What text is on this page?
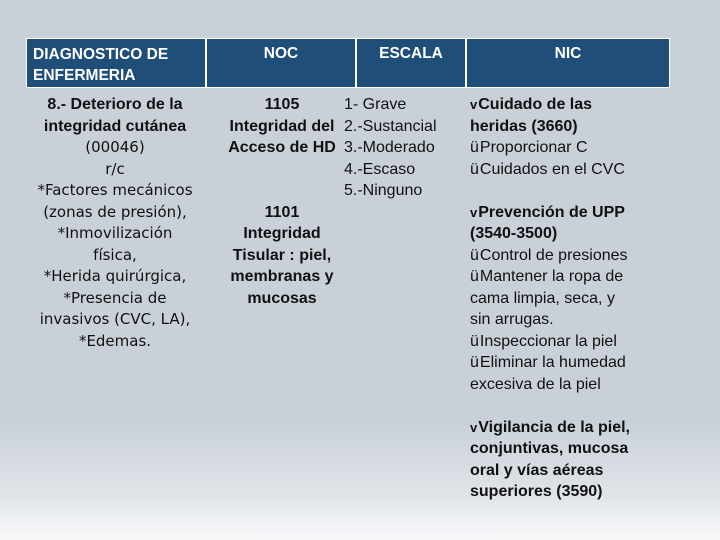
DIAGNOSTICO DE
ENFERMERIA
NOC	ESCALA	NIC
8.- Deterioro de la
integridad cutánea
(00046)
r/c
*Factores mecánicos
(zonas de presión),
*Inmovilización
física,
*Herida quirúrgica,
*Presencia de
invasivos (CVC, LA),
*Edemas.
1105
Integridad del
Acceso de HD
1101
Integridad
Tisular : piel,
membranas y
mucosas
1- Grave
2.-Sustancial
3.-Moderado
4.-Escaso
5.-Ninguno
vCuidado de las
heridas (3660)
üProporcionar C
üCuidados en el CVC
vPrevención de UPP
(3540-3500)
üControl de presiones
üMantener la ropa de
cama limpia, seca, y
sin arrugas.
üInspeccionar la piel
üEliminar la humedad
excesiva de la piel
vVigilancia de la piel,
conjuntivas, mucosa
oral y vías aéreas
superiores (3590)
